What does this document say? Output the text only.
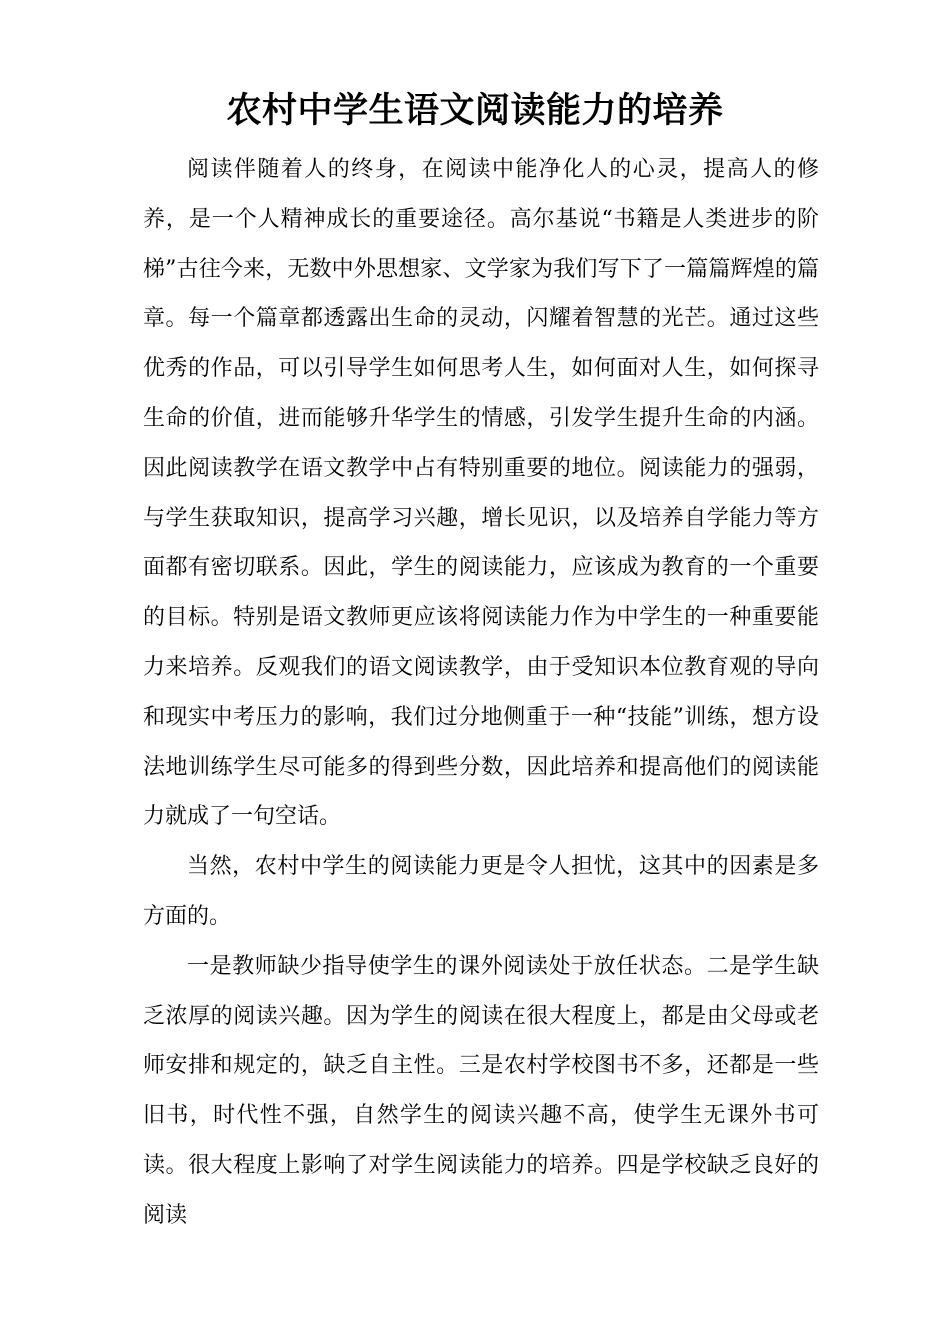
农村中学生语文阅读能力的培养

阅读伴随着人的终身，在阅读中能净化人的心灵，提高人的修养，是一个人精神成长的重要途径。高尔基说“书籍是人类进步的阶梯”古往今来，无数中外思想家、文学家为我们写下了一篇篇辉煌的篇章。每一个篇章都透露出生命的灵动，闪耀着智慧的光芒。通过这些优秀的作品，可以引导学生如何思考人生，如何面对人生，如何探寻生命的价值，进而能够升华学生的情感，引发学生提升生命的内涵。因此阅读教学在语文教学中占有特别重要的地位。阅读能力的强弱，与学生获取知识，提高学习兴趣，增长见识，以及培养自学能力等方面都有密切联系。因此，学生的阅读能力，应该成为教育的一个重要的目标。特别是语文教师更应该将阅读能力作为中学生的一种重要能力来培养。反观我们的语文阅读教学，由于受知识本位教育观的导向和现实中考压力的影响，我们过分地侧重于一种“技能”训练，想方设法地训练学生尽可能多的得到些分数，因此培养和提高他们的阅读能力就成了一句空话。

当然，农村中学生的阅读能力更是令人担忧，这其中的因素是多方面的。

一是教师缺少指导使学生的课外阅读处于放任状态。二是学生缺乏浓厚的阅读兴趣。因为学生的阅读在很大程度上，都是由父母或老师安排和规定的，缺乏自主性。三是农村学校图书不多，还都是一些旧书，时代性不强，自然学生的阅读兴趣不高，使学生无课外书可读。很大程度上影响了对学生阅读能力的培养。四是学校缺乏良好的阅读
